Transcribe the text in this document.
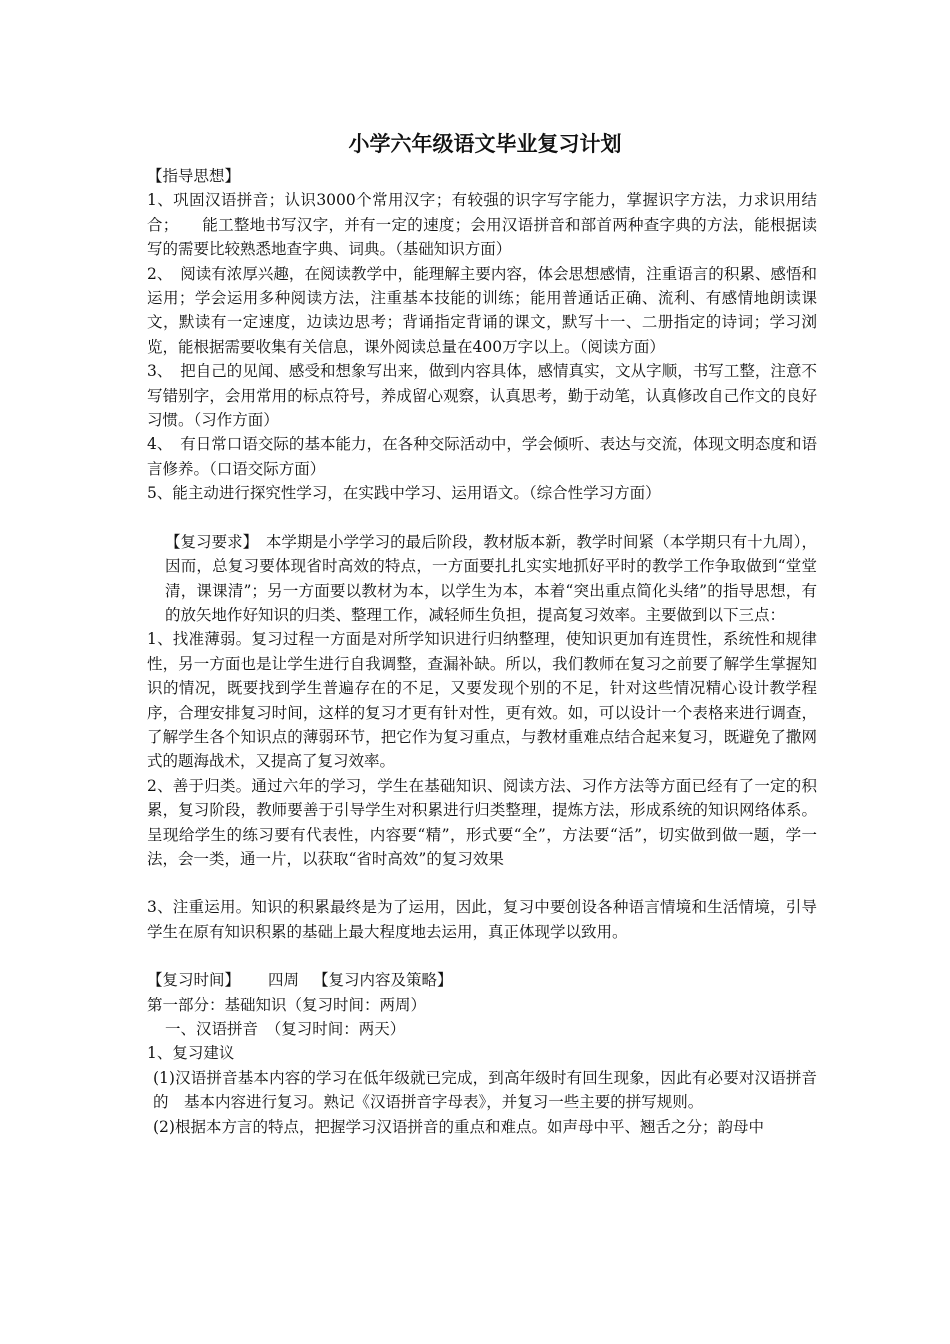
小学六年级语文毕业复习计划

【指导思想】

1、巩固汉语拼音；认识3000个常用汉字；有较强的识字写字能力，掌握识字方法，力求识用结合；　　能工整地书写汉字，并有一定的速度；会用汉语拼音和部首两种查字典的方法，能根据读写的需要比较熟悉地查字典、词典。（基础知识方面）

2、　阅读有浓厚兴趣，在阅读教学中，能理解主要内容，体会思想感情，注重语言的积累、感悟和运用；学会运用多种阅读方法，注重基本技能的训练；能用普通话正确、流利、有感情地朗读课文，默读有一定速度，边读边思考；背诵指定背诵的课文，默写十一、二册指定的诗词；学习浏览，能根据需要收集有关信息，课外阅读总量在400万字以上。（阅读方面）

3、　把自己的见闻、感受和想象写出来，做到内容具体，感情真实，文从字顺，书写工整，注意不写错别字，会用常用的标点符号，养成留心观察，认真思考，勤于动笔，认真修改自己作文的良好习惯。（习作方面）

4、　有日常口语交际的基本能力，在各种交际活动中，学会倾听、表达与交流，体现文明态度和语言修养。（口语交际方面）

5、能主动进行探究性学习，在实践中学习、运用语文。（综合性学习方面）

【复习要求】　本学期是小学学习的最后阶段，教材版本新，教学时间紧（本学期只有十九周），因而，总复习要体现省时高效的特点，一方面要扎扎实实地抓好平时的教学工作争取做到“堂堂清，课课清”；另一方面要以教材为本，以学生为本，本着“突出重点简化头绪”的指导思想，有的放矢地作好知识的归类、整理工作，减轻师生负担，提高复习效率。主要做到以下三点：

1、找准薄弱。复习过程一方面是对所学知识进行归纳整理，使知识更加有连贯性，系统性和规律性，另一方面也是让学生进行自我调整，查漏补缺。所以，我们教师在复习之前要了解学生掌握知识的情况，既要找到学生普遍存在的不足，又要发现个别的不足，针对这些情况精心设计教学程序，合理安排复习时间，这样的复习才更有针对性，更有效。如，可以设计一个表格来进行调查，了解学生各个知识点的薄弱环节，把它作为复习重点，与教材重难点结合起来复习，既避免了撒网式的题海战术，又提高了复习效率。

2、善于归类。通过六年的学习，学生在基础知识、阅读方法、习作方法等方面已经有了一定的积累，复习阶段，教师要善于引导学生对积累进行归类整理，提炼方法，形成系统的知识网络体系。呈现给学生的练习要有代表性，内容要“精”，形式要“全”，方法要“活”，切实做到做一题，学一法，会一类，通一片，以获取“省时高效”的复习效果

3、注重运用。知识的积累最终是为了运用，因此，复习中要创设各种语言情境和生活情境，引导学生在原有知识积累的基础上最大程度地去运用，真正体现学以致用。

【复习时间】 四周 【复习内容及策略】

第一部分：基础知识（复习时间：两周）

一、汉语拼音　（复习时间：两天）

1、复习建议

(1)汉语拼音基本内容的学习在低年级就已完成，到高年级时有回生现象，因此有必要对汉语拼音的　基本内容进行复习。熟记《汉语拼音字母表》，并复习一些主要的拼写规则。

(2)根据本方言的特点，把握学习汉语拼音的重点和难点。如声母中平、翘舌之分；韵母中
